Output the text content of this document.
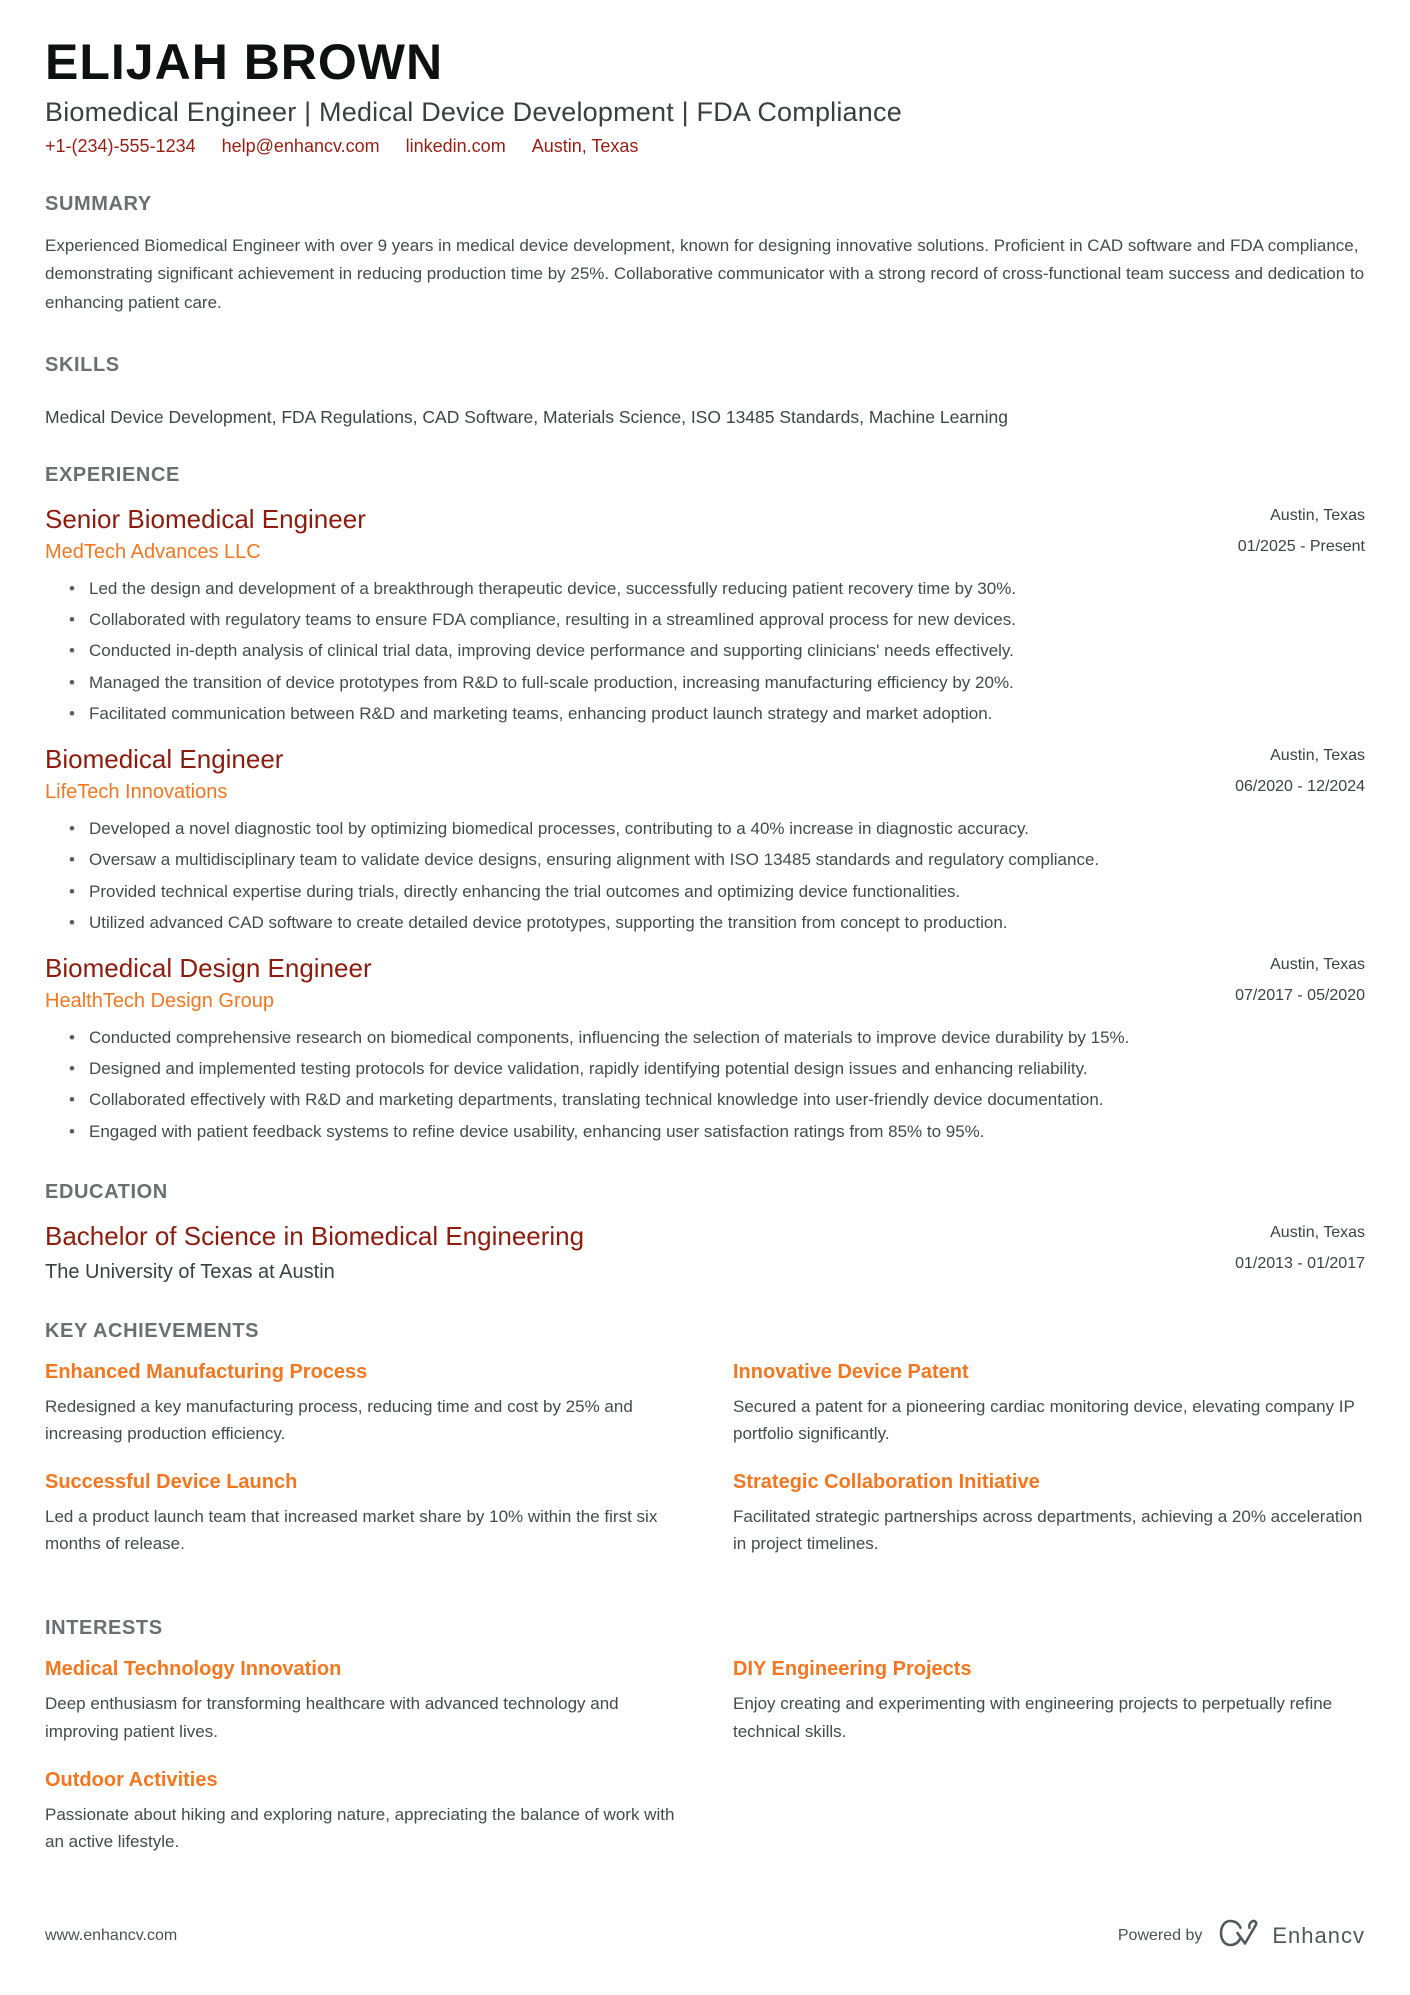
ELIJAH BROWN
Biomedical Engineer | Medical Device Development | FDA Compliance
+1-(234)-555-1234 help@enhancv.com linkedin.com Austin, Texas
SUMMARY
Experienced Biomedical Engineer with over 9 years in medical device development, known for designing innovative solutions. Proficient in CAD software and FDA compliance, demonstrating significant achievement in reducing production time by 25%. Collaborative communicator with a strong record of cross-functional team success and dedication to enhancing patient care.
SKILLS
Medical Device Development, FDA Regulations, CAD Software, Materials Science, ISO 13485 Standards, Machine Learning
EXPERIENCE
Senior Biomedical Engineer
MedTech Advances LLC
Austin, Texas
01/2025 - Present
• Led the design and development of a breakthrough therapeutic device, successfully reducing patient recovery time by 30%.
• Collaborated with regulatory teams to ensure FDA compliance, resulting in a streamlined approval process for new devices.
• Conducted in-depth analysis of clinical trial data, improving device performance and supporting clinicians' needs effectively.
• Managed the transition of device prototypes from R&D to full-scale production, increasing manufacturing efficiency by 20%.
• Facilitated communication between R&D and marketing teams, enhancing product launch strategy and market adoption.
Biomedical Engineer
LifeTech Innovations
Austin, Texas
06/2020 - 12/2024
• Developed a novel diagnostic tool by optimizing biomedical processes, contributing to a 40% increase in diagnostic accuracy.
• Oversaw a multidisciplinary team to validate device designs, ensuring alignment with ISO 13485 standards and regulatory compliance.
• Provided technical expertise during trials, directly enhancing the trial outcomes and optimizing device functionalities.
• Utilized advanced CAD software to create detailed device prototypes, supporting the transition from concept to production.
Biomedical Design Engineer
HealthTech Design Group
Austin, Texas
07/2017 - 05/2020
• Conducted comprehensive research on biomedical components, influencing the selection of materials to improve device durability by 15%.
• Designed and implemented testing protocols for device validation, rapidly identifying potential design issues and enhancing reliability.
• Collaborated effectively with R&D and marketing departments, translating technical knowledge into user-friendly device documentation.
• Engaged with patient feedback systems to refine device usability, enhancing user satisfaction ratings from 85% to 95%.
EDUCATION
Bachelor of Science in Biomedical Engineering
The University of Texas at Austin
Austin, Texas
01/2013 - 01/2017
KEY ACHIEVEMENTS
Enhanced Manufacturing Process
Redesigned a key manufacturing process, reducing time and cost by 25% and increasing production efficiency.
Innovative Device Patent
Secured a patent for a pioneering cardiac monitoring device, elevating company IP portfolio significantly.
Successful Device Launch
Led a product launch team that increased market share by 10% within the first six months of release.
Strategic Collaboration Initiative
Facilitated strategic partnerships across departments, achieving a 20% acceleration in project timelines.
INTERESTS
Medical Technology Innovation
Deep enthusiasm for transforming healthcare with advanced technology and improving patient lives.
DIY Engineering Projects
Enjoy creating and experimenting with engineering projects to perpetually refine technical skills.
Outdoor Activities
Passionate about hiking and exploring nature, appreciating the balance of work with an active lifestyle.
www.enhancv.com	Powered by	Enhancv
